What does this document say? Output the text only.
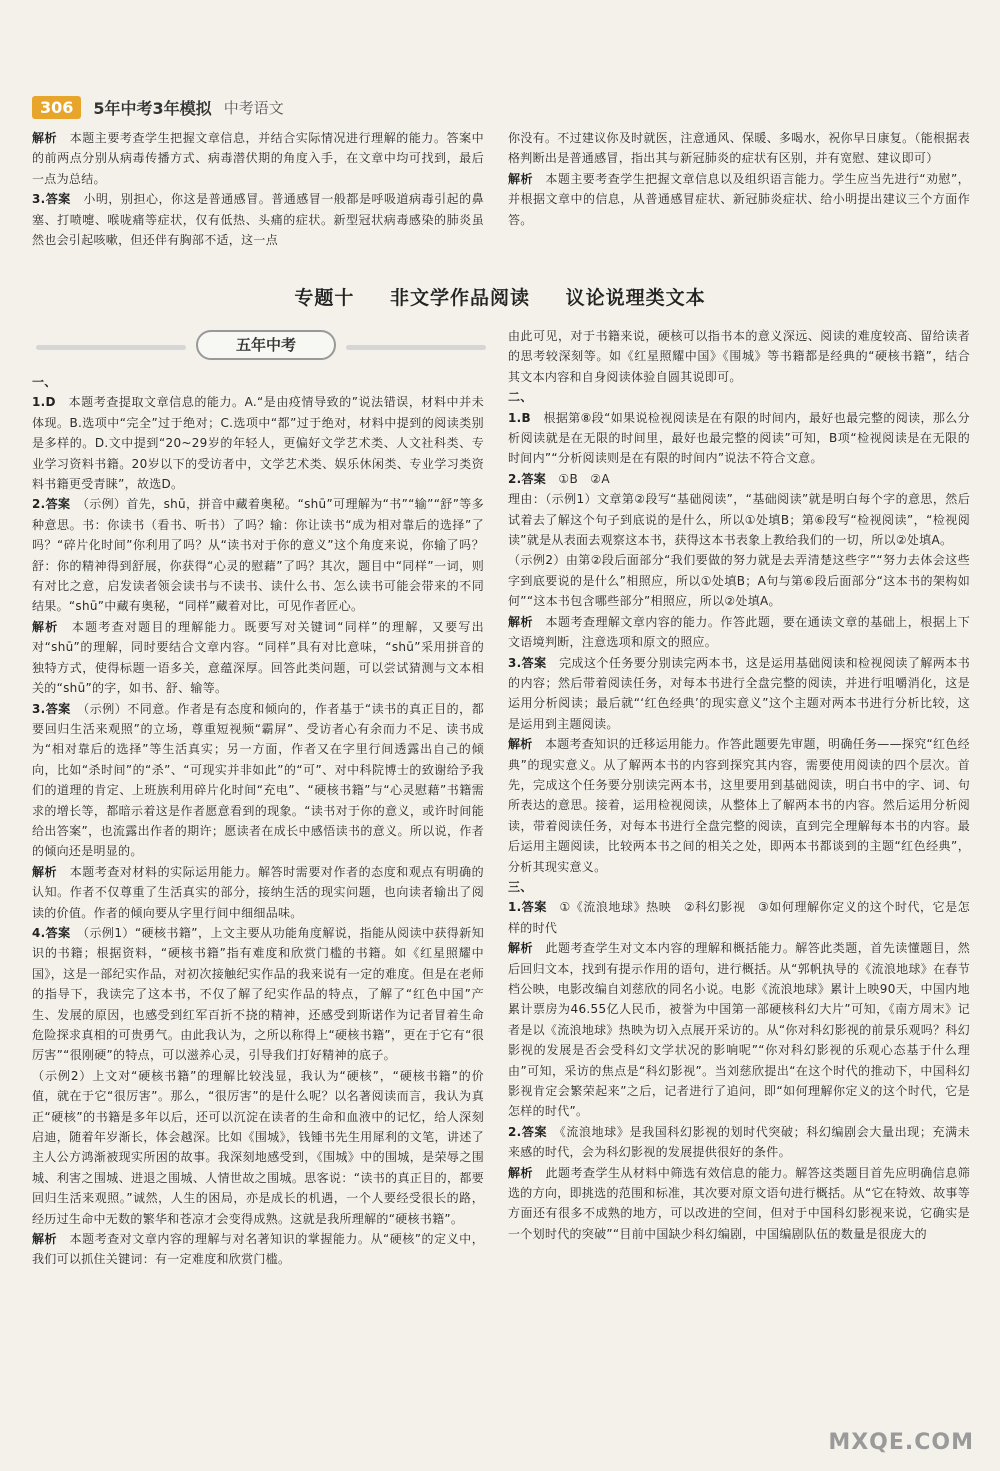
306	5年中考3年模拟 中考语文

解析　 本题主要考查学生把握文章信息，并结合实际情况进行理解的能力。答案中的前两点分别从病毒传播方式、病毒潜伏期的角度入手，在文章中均可找到，最后一点为总结。

3.答案　 小明，别担心，你这是普通感冒。普通感冒一般都是呼吸道病毒引起的鼻塞、打喷嚏、喉咙痛等症状，仅有低热、头痛的症状。新型冠状病毒感染的肺炎虽然也会引起咳嗽，但还伴有胸部不适，这一点

你没有。不过建议你及时就医，注意通风、保暖、多喝水，祝你早日康复。（能根据表格判断出是普通感冒，指出其与新冠肺炎的症状有区别，并有宽慰、建议即可）

解析　 本题主要考查学生把握文章信息以及组织语言能力。学生应当先进行“劝慰”，并根据文章中的信息，从普通感冒症状、新冠肺炎症状、给小明提出建议三个方面作答。

专题十 非文学作品阅读 议论说理类文本
五年中考

一、　

1.D　 本题考查提取文章信息的能力。A.“是由疫情导致的”说法错误，材料中并未体现。B.选项中“完全”过于绝对；C.选项中“都”过于绝对，材料中提到的阅读类别是多样的。D.文中提到“20~29岁的年轻人，更偏好文学艺术类、人文社科类、专业学习资料书籍。20岁以下的受访者中，文学艺术类、娱乐休闲类、专业学习类资料书籍更受青睐”，故选D。

2.答案　 （示例）首先，shū，拼音中藏着奥秘。“shū”可理解为“书”“输”“舒”等多种意思。书：你读书（看书、听书）了吗？输：你让读书“成为相对靠后的选择”了吗？“碎片化时间”你利用了吗？从“读书对于你的意义”这个角度来说，你输了吗？舒：你的精神得到舒展，你获得“心灵的慰藉”了吗？其次，题目中“同样”一词，则有对比之意，启发读者领会读书与不读书、读什么书、怎么读书可能会带来的不同结果。“shū”中藏有奥秘，“同样”藏着对比，可见作者匠心。

解析　 本题考查对题目的理解能力。既要写对关键词“同样”的理解，又要写出对“shū”的理解，同时要结合文章内容。“同样”具有对比意味，“shū”采用拼音的独特方式，使得标题一语多关，意蕴深厚。回答此类问题，可以尝试猜测与文本相关的“shū”的字，如书、舒、输等。

3.答案　 （示例）不同意。作者是有态度和倾向的，作者基于“读书的真正目的，都要回归生活来观照”的立场，尊重短视频“霸屏”、受访者心有余而力不足、读书成为“相对靠后的选择”等生活真实；另一方面，作者又在字里行间透露出自己的倾向，比如“杀时间”的“杀”、“可现实并非如此”的“可”、对中科院博士的致谢给予我们的道理的肯定、上班族利用碎片化时间“充电”、“硬核书籍”与“心灵慰藉”书籍需求的增长等，都暗示着这是作者愿意看到的现象。“读书对于你的意义，或许时间能给出答案”，也流露出作者的期许；愿读者在成长中感悟读书的意义。所以说，作者的倾向还是明显的。

解析　 本题考查对材料的实际运用能力。解答时需要对作者的态度和观点有明确的认知。作者不仅尊重了生活真实的部分，接纳生活的现实问题，也向读者输出了阅读的价值。作者的倾向要从字里行间中细细品味。

4.答案　 （示例1）“硬核书籍”，上文主要从功能角度解说，指能从阅读中获得新知识的书籍；根据资料，“硬核书籍”指有难度和欣赏门槛的书籍。如《红星照耀中国》，这是一部纪实作品，对初次接触纪实作品的我来说有一定的难度。但是在老师的指导下，我读完了这本书，不仅了解了纪实作品的特点，了解了“红色中国”产生、发展的原因，也感受到红军百折不挠的精神，还感受到斯诺作为记者冒着生命危险探求真相的可贵勇气。由此我认为，之所以称得上“硬核书籍”，更在于它有“很厉害”“很刚硬”的特点，可以滋养心灵，引导我们打好精神的底子。

（示例2）上文对“硬核书籍”的理解比较浅显，我认为“硬核”，“硬核书籍”的价值，就在于它“很厉害”。那么，“很厉害”的是什么呢？以名著阅读而言，我认为真正“硬核”的书籍是多年以后，还可以沉淀在读者的生命和血液中的记忆，给人深刻启迪，随着年岁渐长，体会越深。比如《围城》，钱锺书先生用犀利的文笔，讲述了主人公方鸿渐被现实所困的故事。我深刻地感受到，《围城》中的围城，是荣辱之围城、利害之围城、进退之围城、人情世故之围城。思客说：“读书的真正目的，都要回归生活来观照。”诚然，人生的困局，亦是成长的机遇，一个人要经受很长的路，经历过生命中无数的繁华和苍凉才会变得成熟。这就是我所理解的“硬核书籍”。

解析　 本题考查对文章内容的理解与对名著知识的掌握能力。从“硬核”的定义中，我们可以抓住关键词：有一定难度和欣赏门槛。

由此可见，对于书籍来说，硬核可以指书本的意义深远、阅读的难度较高、留给读者的思考较深刻等。如《红星照耀中国》《围城》等书籍都是经典的“硬核书籍”，结合其文本内容和自身阅读体验自圆其说即可。

二、　

1.B　 根据第⑧段“如果说检视阅读是在有限的时间内，最好也最完整的阅读，那么分析阅读就是在无限的时间里，最好也最完整的阅读”可知，B项“检视阅读是在无限的时间内”“分析阅读则是在有限的时间内”说法不符合文意。

2.答案　 ①B　②A

理由：（示例1）文章第②段写“基础阅读”，“基础阅读”就是明白每个字的意思，然后试着去了解这个句子到底说的是什么，所以①处填B；第⑥段写“检视阅读”，“检视阅读”就是从表面去观察这本书，获得这本书表象上教给我们的一切，所以②处填A。

（示例2）由第②段后面部分“我们要做的努力就是去弄清楚这些字”“努力去体会这些字到底要说的是什么”相照应，所以①处填B；A句与第⑥段后面部分“这本书的架构如何”“这本书包含哪些部分”相照应，所以②处填A。

解析　 本题考查理解文章内容的能力。作答此题，要在通读文章的基础上，根据上下文语境判断，注意选项和原文的照应。

3.答案　 完成这个任务要分别读完两本书，这是运用基础阅读和检视阅读了解两本书的内容；然后带着阅读任务，对每本书进行全盘完整的阅读，并进行咀嚼消化，这是运用分析阅读；最后就“‘红色经典’的现实意义”这个主题对两本书进行分析比较，这是运用到主题阅读。

解析　 本题考查知识的迁移运用能力。作答此题要先审题，明确任务——探究“红色经典”的现实意义。从了解两本书的内容到探究其内容，需要使用阅读的四个层次。首先，完成这个任务要分别读完两本书，这里要用到基础阅读，明白书中的字、词、句所表达的意思。接着，运用检视阅读，从整体上了解两本书的内容。然后运用分析阅读，带着阅读任务，对每本书进行全盘完整的阅读，直到完全理解每本书的内容。最后运用主题阅读，比较两本书之间的相关之处，即两本书都谈到的主题“红色经典”，分析其现实意义。

三、　

1.答案　 ①《流浪地球》热映　②科幻影视　③如何理解你定义的这个时代，它是怎样的时代

解析　 此题考查学生对文本内容的理解和概括能力。解答此类题，首先读懂题目，然后回归文本，找到有提示作用的语句，进行概括。从“郭帆执导的《流浪地球》在春节档公映，电影改编自刘慈欣的同名小说。电影《流浪地球》累计上映90天，中国内地累计票房为46.55亿人民币，被誉为中国第一部硬核科幻大片”可知，《南方周末》记者是以《流浪地球》热映为切入点展开采访的。从“你对科幻影视的前景乐观吗？科幻影视的发展是否会受科幻文学状况的影响呢”“你对科幻影视的乐观心态基于什么理由”可知，采访的焦点是“科幻影视”。当刘慈欣提出“在这个时代的推动下，中国科幻影视肯定会繁荣起来”之后，记者进行了追问，即“如何理解你定义的这个时代，它是怎样的时代”。

2.答案　 《流浪地球》是我国科幻影视的划时代突破；科幻编剧会大量出现；充满未来感的时代，会为科幻影视的发展提供很好的条件。

解析　 此题考查学生从材料中筛选有效信息的能力。解答这类题目首先应明确信息筛选的方向，即挑选的范围和标准，其次要对原文语句进行概括。从“它在特效、故事等方面还有很多不成熟的地方，可以改进的空间，但对于中国科幻影视来说，它确实是一个划时代的突破”“目前中国缺少科幻编剧，中国编剧队伍的数量是很庞大的

MXQE.COM
